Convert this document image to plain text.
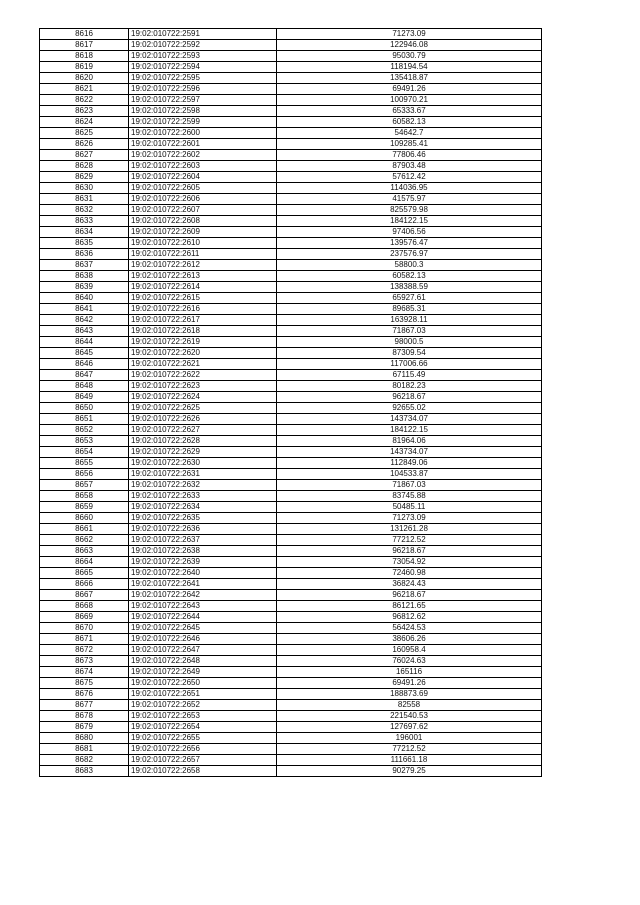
8616	19:02:010722:2591	71273.09
8617	19:02:010722:2592	122946.08
8618	19:02:010722:2593	95030.79
8619	19:02:010722:2594	118194.54
8620	19:02:010722:2595	135418.87
8621	19:02:010722:2596	69491.26
8622	19:02:010722:2597	100970.21
8623	19:02:010722:2598	65333.67
8624	19:02:010722:2599	60582.13
8625	19:02:010722:2600	54642.7
8626	19:02:010722:2601	109285.41
8627	19:02:010722:2602	77806.46
8628	19:02:010722:2603	87903.48
8629	19:02:010722:2604	57612.42
8630	19:02:010722:2605	114036.95
8631	19:02:010722:2606	41575.97
8632	19:02:010722:2607	825579.98
8633	19:02:010722:2608	184122.15
8634	19:02:010722:2609	97406.56
8635	19:02:010722:2610	139576.47
8636	19:02:010722:2611	237576.97
8637	19:02:010722:2612	58800.3
8638	19:02:010722:2613	60582.13
8639	19:02:010722:2614	138388.59
8640	19:02:010722:2615	65927.61
8641	19:02:010722:2616	89685.31
8642	19:02:010722:2617	163928.11
8643	19:02:010722:2618	71867.03
8644	19:02:010722:2619	98000.5
8645	19:02:010722:2620	87309.54
8646	19:02:010722:2621	117006.66
8647	19:02:010722:2622	67115.49
8648	19:02:010722:2623	80182.23
8649	19:02:010722:2624	96218.67
8650	19:02:010722:2625	92655.02
8651	19:02:010722:2626	143734.07
8652	19:02:010722:2627	184122.15
8653	19:02:010722:2628	81964.06
8654	19:02:010722:2629	143734.07
8655	19:02:010722:2630	112849.06
8656	19:02:010722:2631	104533.87
8657	19:02:010722:2632	71867.03
8658	19:02:010722:2633	83745.88
8659	19:02:010722:2634	50485.11
8660	19:02:010722:2635	71273.09
8661	19:02:010722:2636	131261.28
8662	19:02:010722:2637	77212.52
8663	19:02:010722:2638	96218.67
8664	19:02:010722:2639	73054.92
8665	19:02:010722:2640	72460.98
8666	19:02:010722:2641	36824.43
8667	19:02:010722:2642	96218.67
8668	19:02:010722:2643	86121.65
8669	19:02:010722:2644	96812.62
8670	19:02:010722:2645	56424.53
8671	19:02:010722:2646	38606.26
8672	19:02:010722:2647	160958.4
8673	19:02:010722:2648	76024.63
8674	19:02:010722:2649	165116
8675	19:02:010722:2650	69491.26
8676	19:02:010722:2651	188873.69
8677	19:02:010722:2652	82558
8678	19:02:010722:2653	221540.53
8679	19:02:010722:2654	127697.62
8680	19:02:010722:2655	196001
8681	19:02:010722:2656	77212.52
8682	19:02:010722:2657	111661.18
8683	19:02:010722:2658	90279.25
